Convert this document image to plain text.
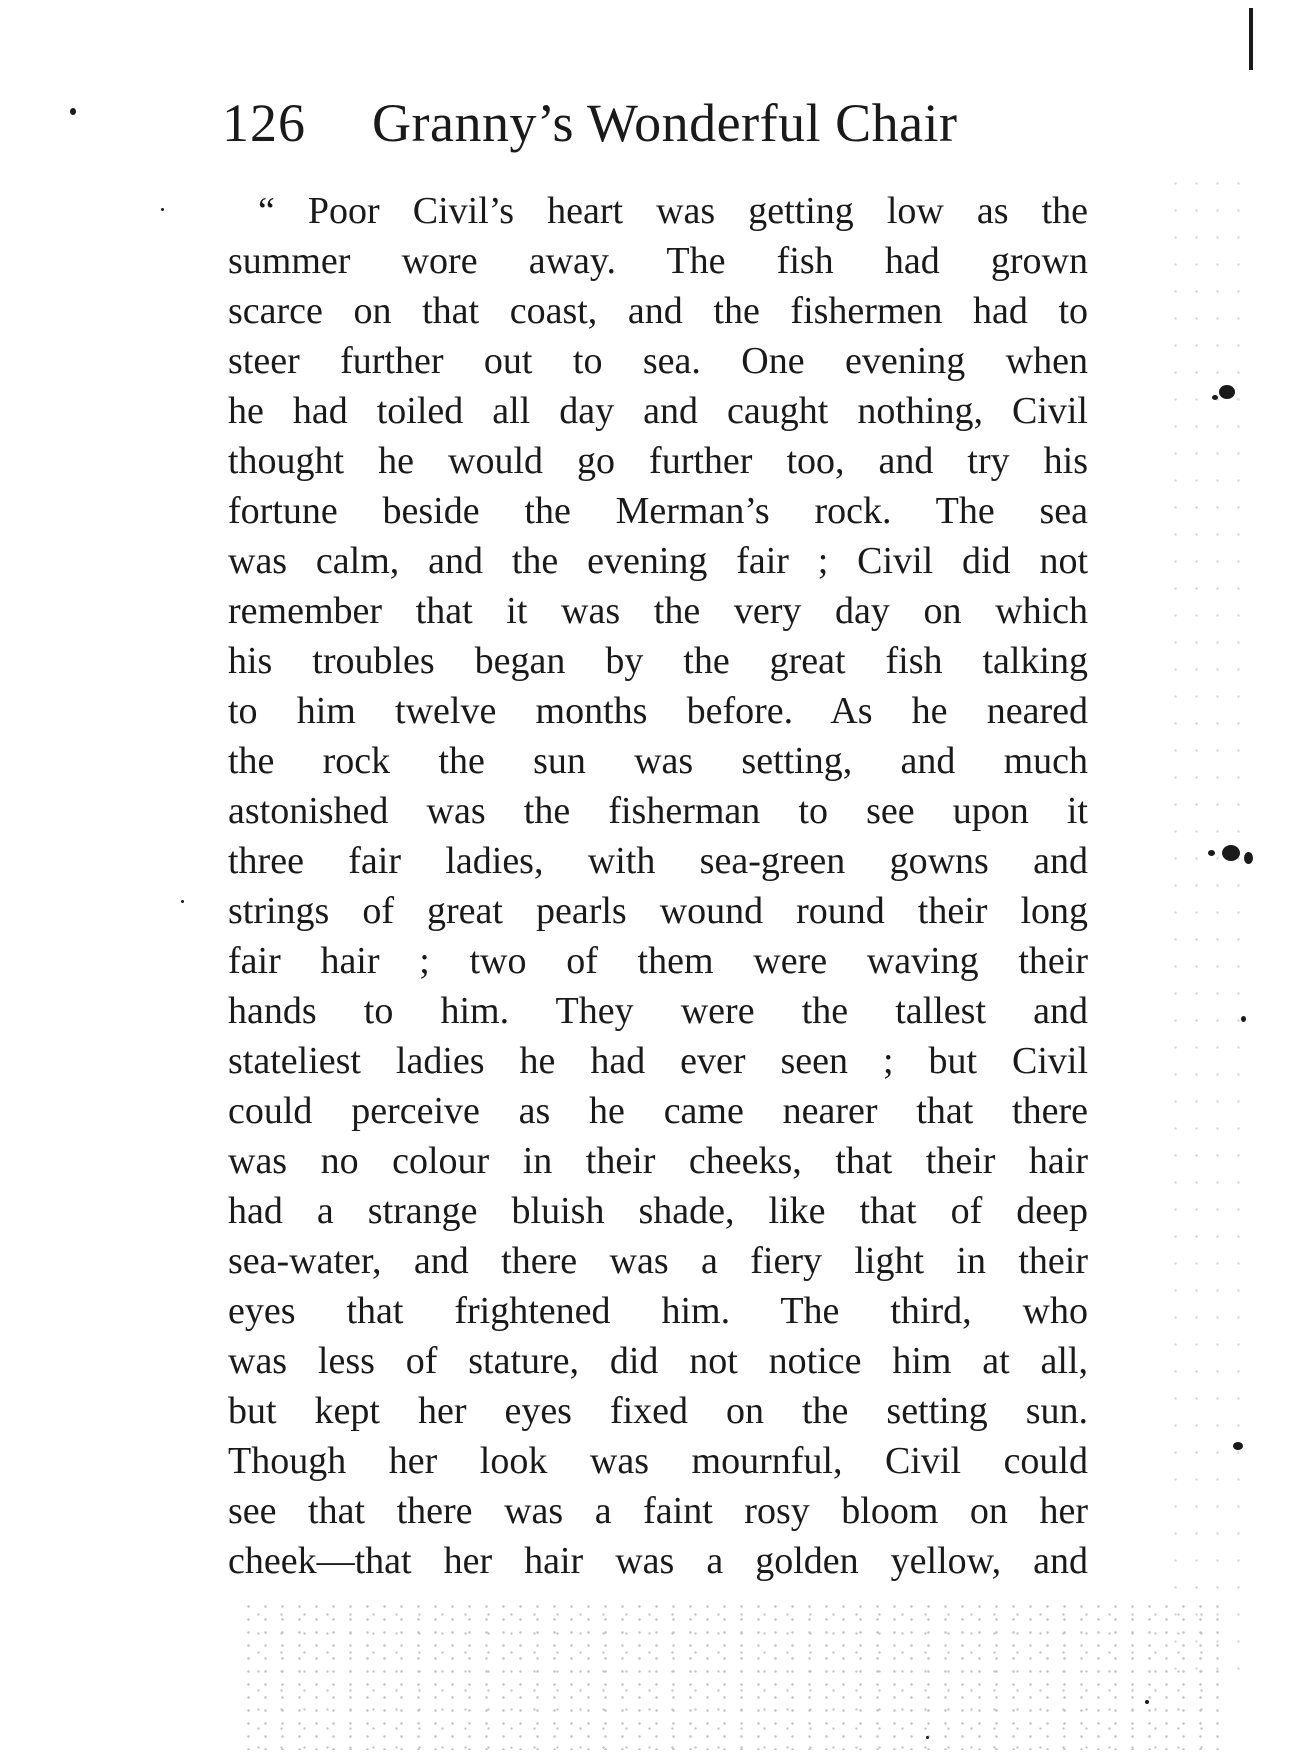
126 Granny’s Wonderful Chair
“ Poor Civil’s heart was getting low as the
summer wore away. The fish had grown
scarce on that coast, and the fishermen had to
steer further out to sea. One evening when
he had toiled all day and caught nothing, Civil
thought he would go further too, and try his
fortune beside the Merman’s rock. The sea
was calm, and the evening fair ; Civil did not
remember that it was the very day on which
his troubles began by the great fish talking
to him twelve months before. As he neared
the rock the sun was setting, and much
astonished was the fisherman to see upon it
three fair ladies, with sea-green gowns and
strings of great pearls wound round their long
fair hair ; two of them were waving their
hands to him. They were the tallest and
stateliest ladies he had ever seen ; but Civil
could perceive as he came nearer that there
was no colour in their cheeks, that their hair
had a strange bluish shade, like that of deep
sea-water, and there was a fiery light in their
eyes that frightened him. The third, who
was less of stature, did not notice him at all,
but kept her eyes fixed on the setting sun.
Though her look was mournful, Civil could
see that there was a faint rosy bloom on her
cheek—that her hair was a golden yellow, and
